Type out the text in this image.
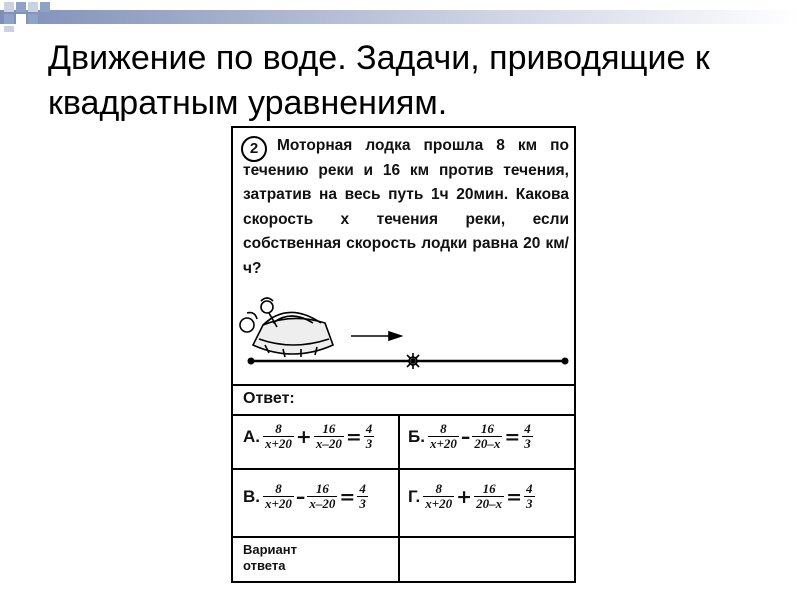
Движение по воде. Задачи, приводящие к квадратным уравнениям.
2	Моторная лодка прошла 8 км по течению реки и 16 км против течения, затратив на весь путь 1ч 20мин. Какова скорость x течения реки, если собственная скорость лодки равна 20 км/ч?
Ответ:
А. $\frac{8}{x+20} + \frac{16}{x-20} = \frac{4}{3} Б$. $\frac{8}{x+20} - \frac{16}{20-x} = \frac{4}{3}$
В. $\frac{8}{x+20} - \frac{16}{x-20} = \frac{4}{3} Г$. $\frac{8}{x+20} + \frac{16}{20-x} = \frac{4}{3}$
Вариант
ответа
